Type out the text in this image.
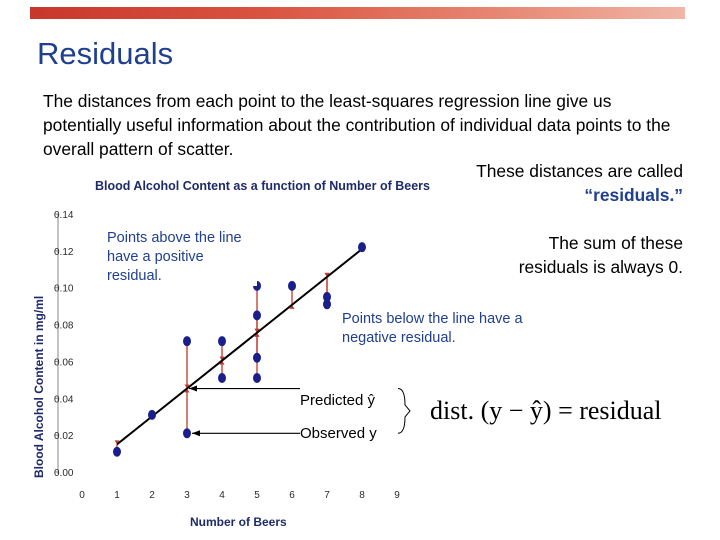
Residuals
The distances from each point to the least-squares regression line give us potentially useful information about the contribution of individual data points to the overall pattern of scatter.
These distances are called
“residuals.”
The sum of these residuals is always 0.
Blood Alcohol Content as a function of Number of Beers
0.00
0.02
0.04
0.06
0.08
0.10
0.12
0.14
0	1	2	3	4	5	6	7	8	9
Number of Beers
Blood Alcohol Content in mg/ml
Points above the line have a positive residual.
Points below the line have a negative residual.
Predicted ŷ
Observed y
dist. (y − ŷ) = residual
